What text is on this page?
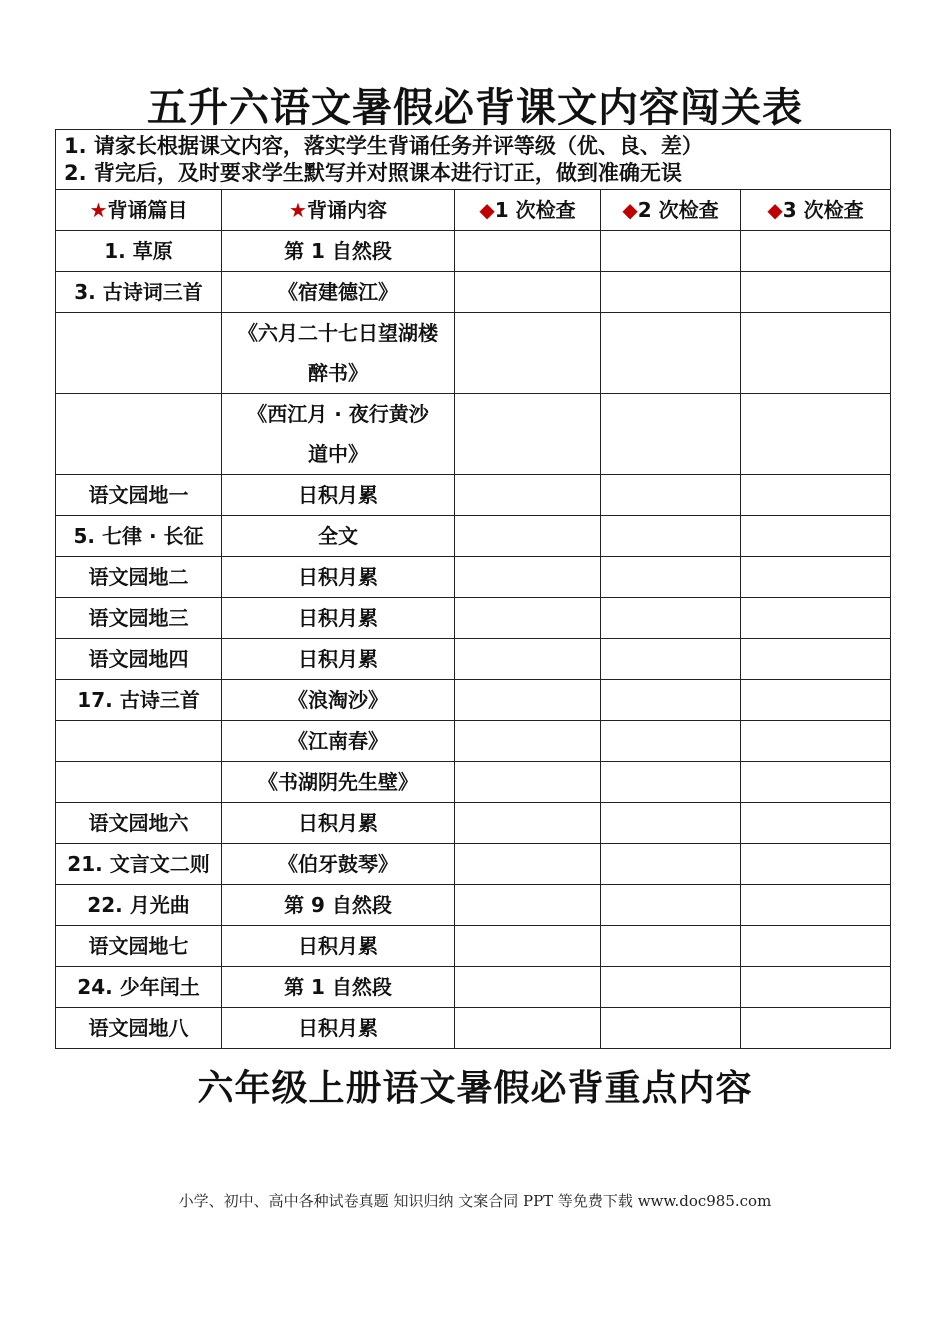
五升六语文暑假必背课文内容闯关表
1. 请家长根据课文内容，落实学生背诵任务并评等级（优、良、差）
2. 背完后，及时要求学生默写并对照课本进行订正，做到准确无误				

★背诵篇目	★背诵内容	◆1 次检查	◆2 次检查	◆3 次检查
1. 草原	第 1 自然段			
3. 古诗词三首	《宿建德江》			

	《六月二十七日望湖楼醉书》			

	《西江月 · 夜行黄沙道中》			

语文园地一	日积月累			
5. 七律 · 长征	全文			
语文园地二	日积月累			
语文园地三	日积月累			
语文园地四	日积月累			
17. 古诗三首	《浪淘沙》			
	《江南春》			
	《书湖阴先生壁》			
语文园地六	日积月累			
21. 文言文二则	《伯牙鼓琴》			
22. 月光曲	第 9 自然段			
语文园地七	日积月累			
24. 少年闰土	第 1 自然段			
语文园地八	日积月累			
六年级上册语文暑假必背重点内容
小学、初中、高中各种试卷真题 知识归纳 文案合同 PPT 等免费下载 www.doc985.com
